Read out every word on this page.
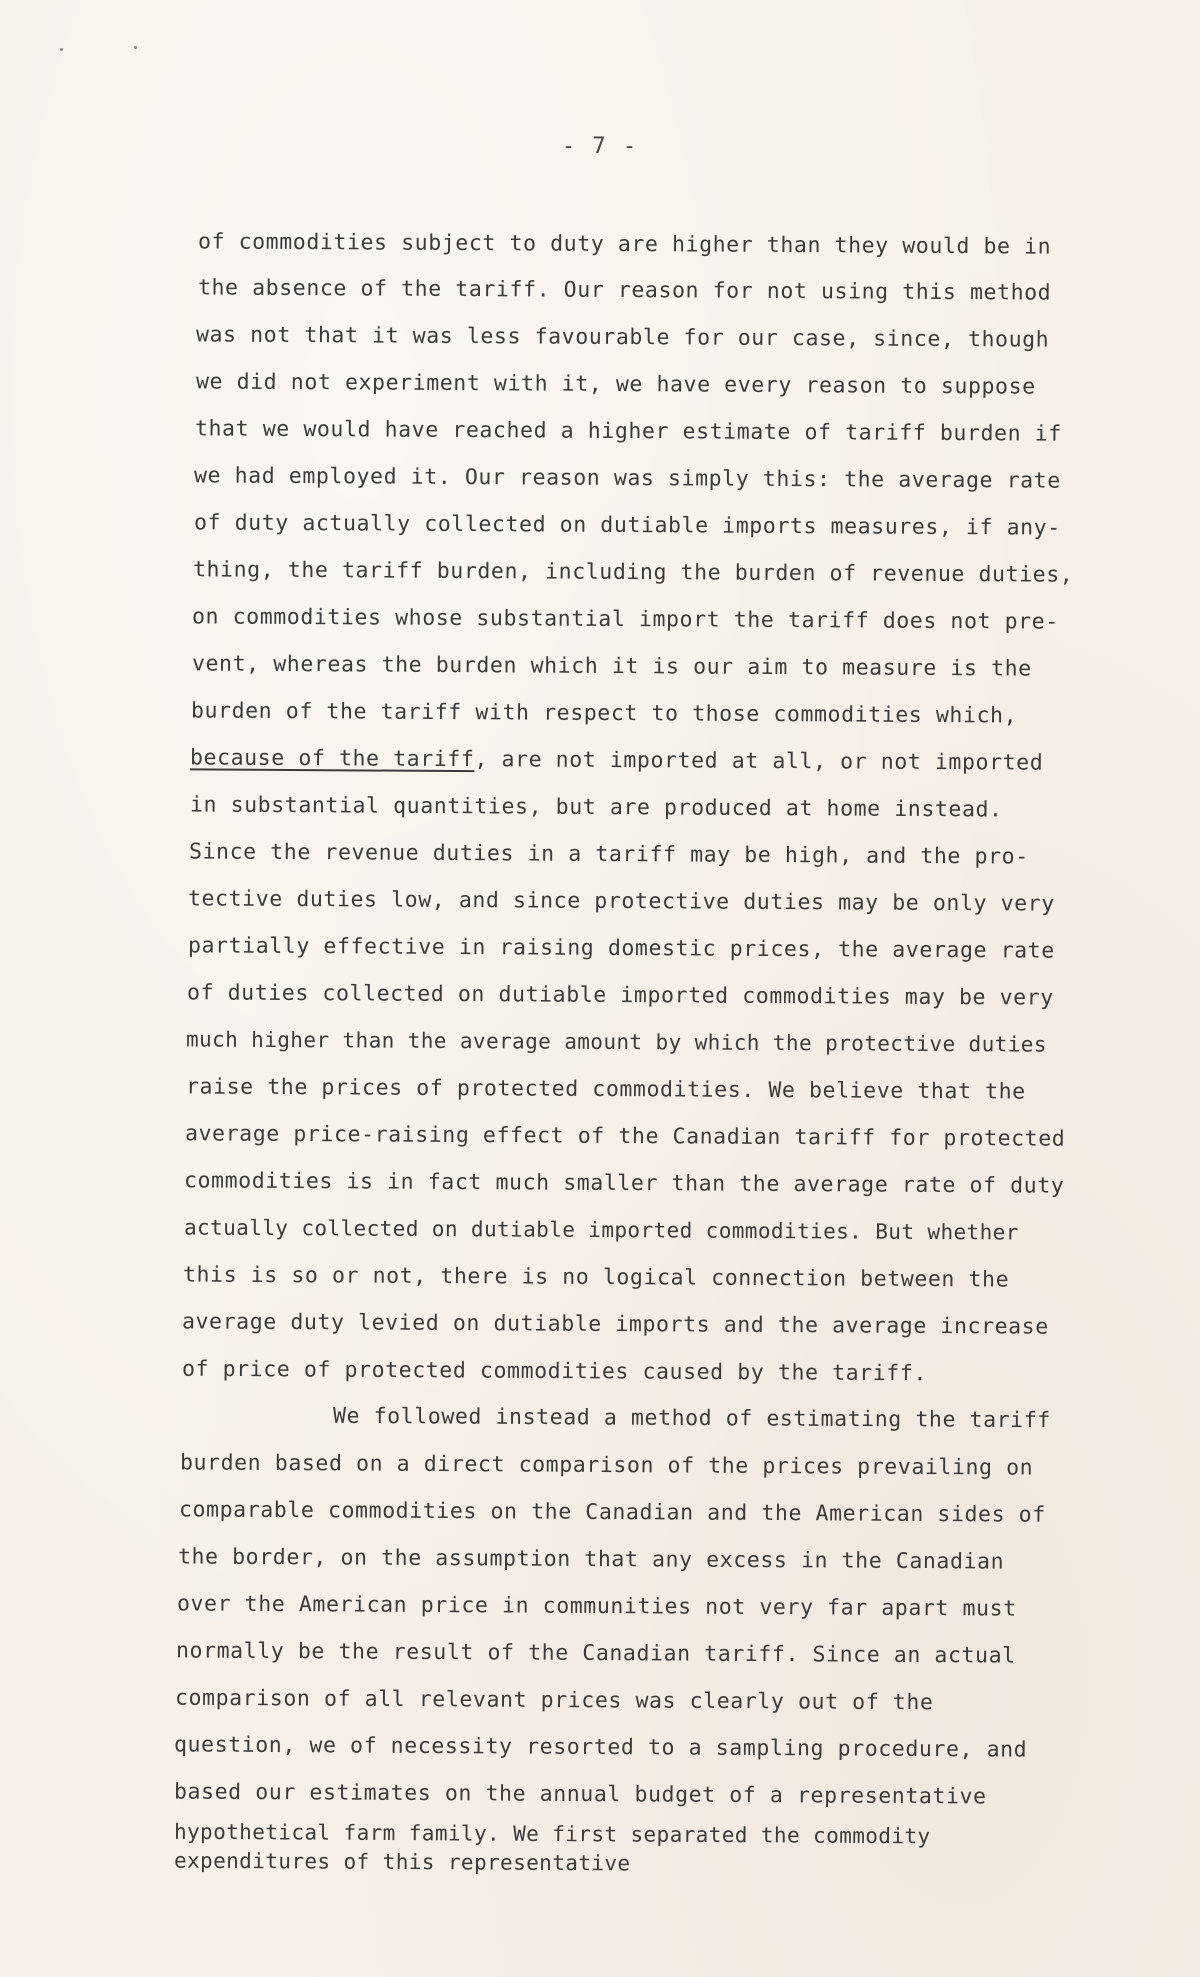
- 7 -
of commodities subject to duty are higher than they would be in
the absence of the tariff. Our reason for not using this method
was not that it was less favourable for our case, since, though
we did not experiment with it, we have every reason to suppose
that we would have reached a higher estimate of tariff burden if
we had employed it. Our reason was simply this: the average rate
of duty actually collected on dutiable imports measures, if any-
thing, the tariff burden, including the burden of revenue duties,
on commodities whose substantial import the tariff does not pre-
vent, whereas the burden which it is our aim to measure is the
burden of the tariff with respect to those commodities which,
because of the tariff, are not imported at all, or not imported
in substantial quantities, but are produced at home instead.
Since the revenue duties in a tariff may be high, and the pro-
tective duties low, and since protective duties may be only very
partially effective in raising domestic prices, the average rate
of duties collected on dutiable imported commodities may be very
much higher than the average amount by which the protective duties
raise the prices of protected commodities. We believe that the
average price-raising effect of the Canadian tariff for protected
commodities is in fact much smaller than the average rate of duty
actually collected on dutiable imported commodities. But whether
this is so or not, there is no logical connection between the
average duty levied on dutiable imports and the average increase
of price of protected commodities caused by the tariff.
We followed instead a method of estimating the tariff
burden based on a direct comparison of the prices prevailing on
comparable commodities on the Canadian and the American sides of
the border, on the assumption that any excess in the Canadian
over the American price in communities not very far apart must
normally be the result of the Canadian tariff. Since an actual
comparison of all relevant prices was clearly out of the
question, we of necessity resorted to a sampling procedure, and
based our estimates on the annual budget of a representative
hypothetical farm family. We first separated the commodity
expenditures of this representative
